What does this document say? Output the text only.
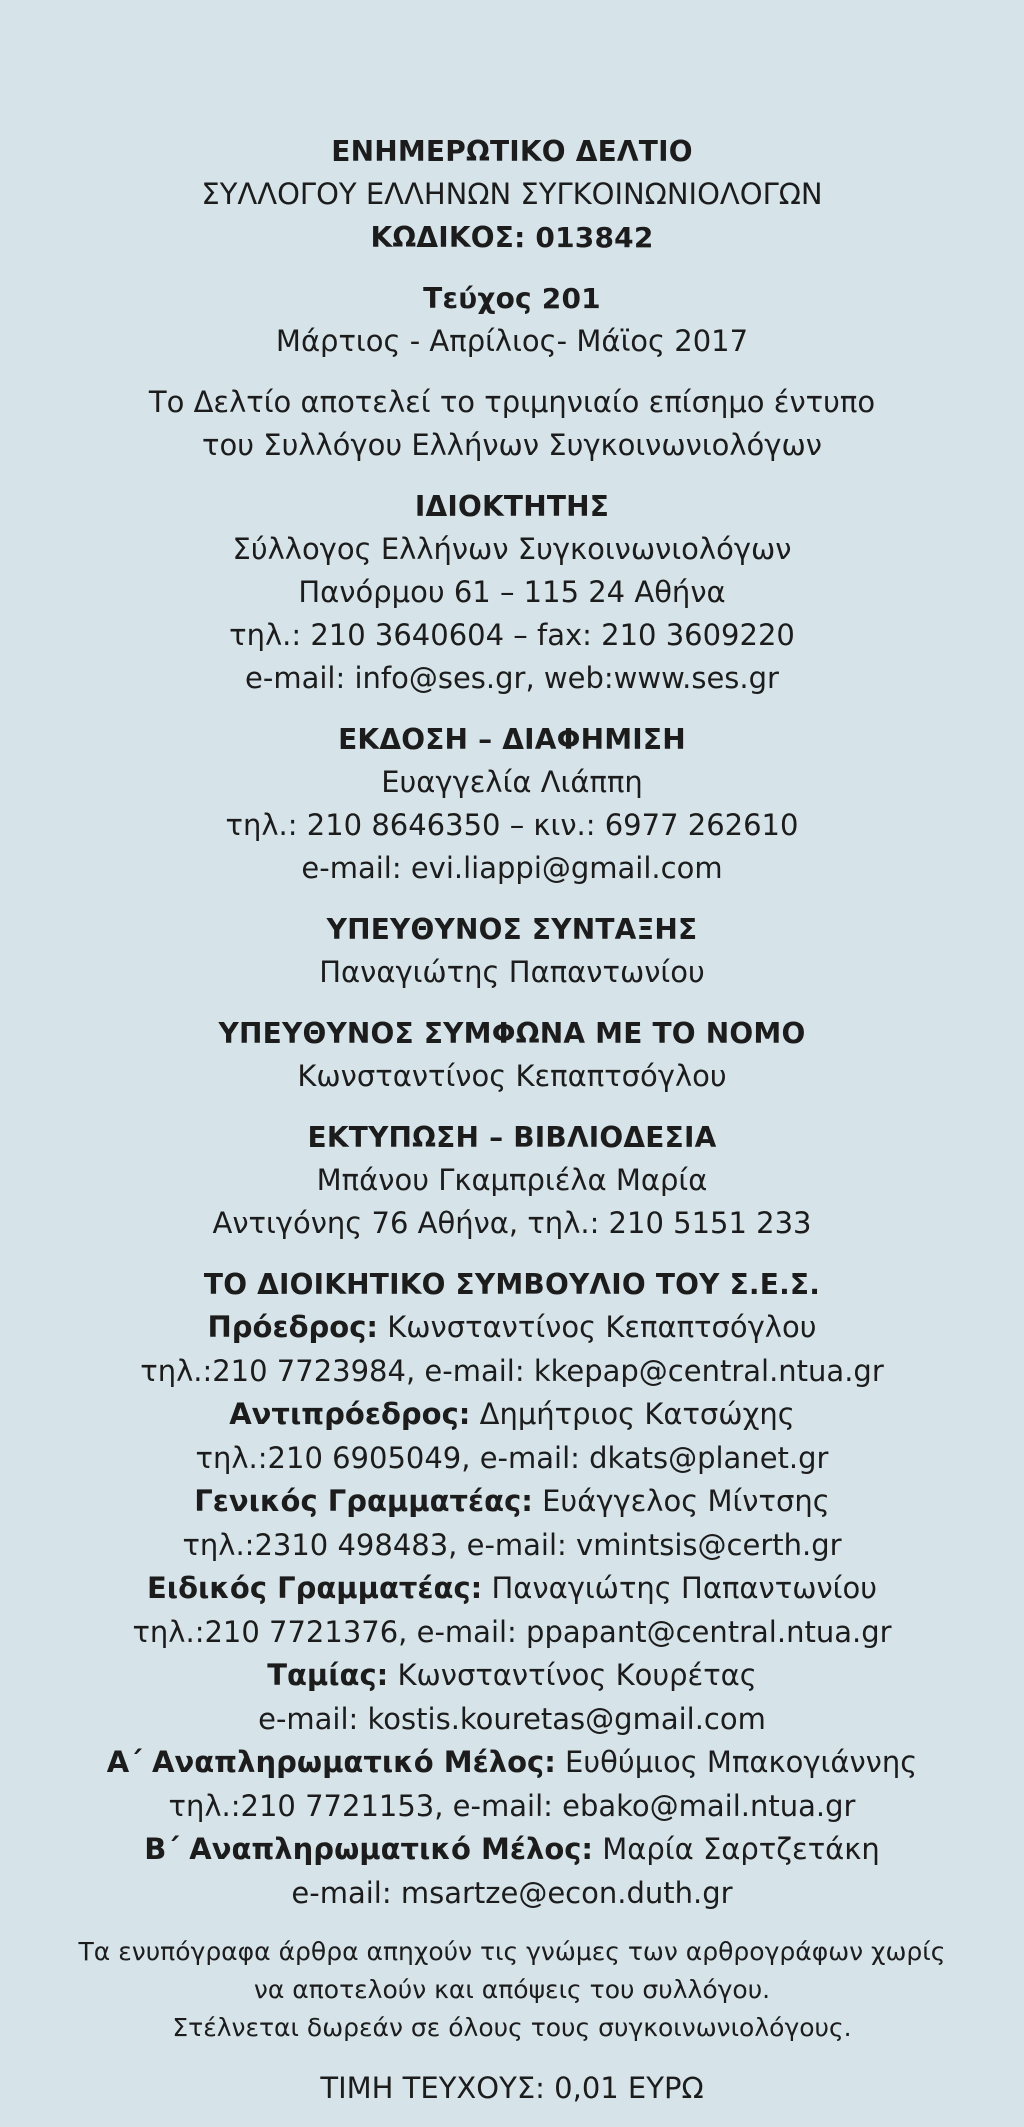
ΕΝΗΜΕΡΩΤΙΚΟ ΔΕΛΤΙΟ
ΣΥΛΛΟΓΟΥ ΕΛΛΗΝΩΝ ΣΥΓΚΟΙΝΩΝΙΟΛΟΓΩΝ
ΚΩΔΙΚΟΣ: 013842
Τεύχος 201
Μάρτιος - Απρίλιος- Μάϊος 2017
Το Δελτίο αποτελεί το τριμηνιαίο επίσημο έντυπο
του Συλλόγου Ελλήνων Συγκοινωνιολόγων
ΙΔΙΟΚΤΗΤΗΣ
Σύλλογος Ελλήνων Συγκοινωνιολόγων
Πανόρμου 61 – 115 24 Αθήνα
τηλ.: 210 3640604 – fax: 210 3609220
e-mail: info@ses.gr, web:www.ses.gr
ΕΚΔΟΣΗ – ΔΙΑΦΗΜΙΣΗ
Ευαγγελία Λιάππη
τηλ.: 210 8646350 – κιν.: 6977 262610
e-mail: evi.liappi@gmail.com
ΥΠΕΥΘΥΝΟΣ ΣΥΝΤΑΞΗΣ
Παναγιώτης Παπαντωνίου
ΥΠΕΥΘΥΝΟΣ ΣΥΜΦΩΝΑ ΜΕ ΤΟ ΝΟΜΟ
Κωνσταντίνος Κεπαπτσόγλου
ΕΚΤΥΠΩΣΗ – ΒΙΒΛΙΟΔΕΣΙΑ
Μπάνου Γκαμπριέλα Μαρία
Αντιγόνης 76 Αθήνα, τηλ.: 210 5151 233
ΤΟ ΔΙΟΙΚΗΤΙΚΟ ΣΥΜΒΟΥΛΙΟ ΤΟΥ Σ.Ε.Σ.
Πρόεδρος: Κωνσταντίνος Κεπαπτσόγλου
τηλ.:210 7723984, e-mail: kkepap@central.ntua.gr
Αντιπρόεδρος: Δημήτριος Κατσώχης
τηλ.:210 6905049, e-mail: dkats@planet.gr
Γενικός Γραμματέας: Ευάγγελος Μίντσης
τηλ.:2310 498483, e-mail: vmintsis@certh.gr
Ειδικός Γραμματέας: Παναγιώτης Παπαντωνίου
τηλ.:210 7721376, e-mail: ppapant@central.ntua.gr
Ταμίας: Κωνσταντίνος Κουρέτας
e-mail: kostis.kouretas@gmail.com
Α΄ Αναπληρωματικό Μέλος: Ευθύμιος Μπακογιάννης
τηλ.:210 7721153, e-mail: ebako@mail.ntua.gr
Β΄ Αναπληρωματικό Μέλος: Μαρία Σαρτζετάκη
e-mail: msartze@econ.duth.gr
Τα ενυπόγραφα άρθρα απηχούν τις γνώμες των αρθρογράφων χωρίς
να αποτελούν και απόψεις του συλλόγου.
Στέλνεται δωρεάν σε όλους τους συγκοινωνιολόγους.
ΤΙΜΗ ΤΕΥΧΟΥΣ: 0,01 ΕΥΡΩ
